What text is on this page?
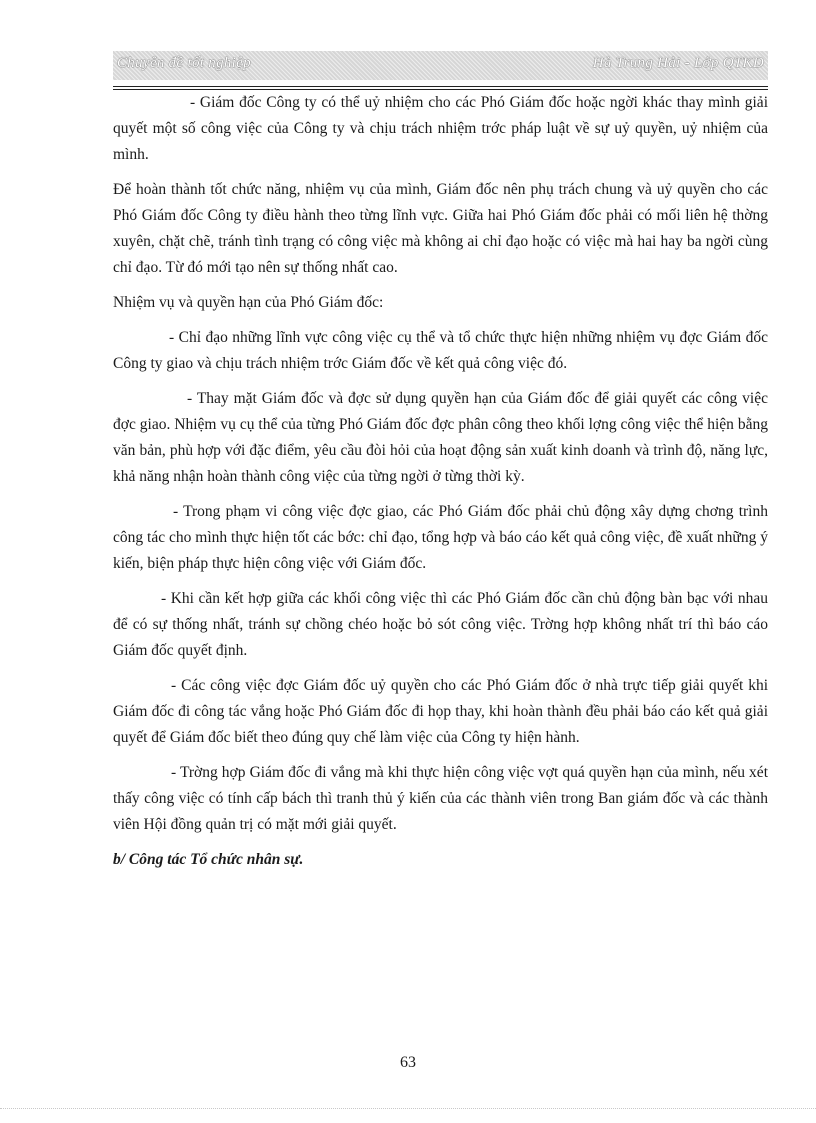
Chuyên đề tốt nghiệp	Hà Trung Hải - Lớp QTKD

- Giám đốc Công ty có thể uỷ nhiệm cho các Phó Giám đốc hoặc ngời khác thay mình giải quyết một số công việc của Công ty và chịu trách nhiệm trớc pháp luật về sự uỷ quyền, uỷ nhiệm của mình.

Để hoàn thành tốt chức năng, nhiệm vụ của mình, Giám đốc nên phụ trách chung và uỷ quyền cho các Phó Giám đốc Công ty điều hành theo từng lĩnh vực. Giữa hai Phó Giám đốc phải có mối liên hệ thờng xuyên, chặt chẽ, tránh tình trạng có công việc mà không ai chỉ đạo hoặc có việc mà hai hay ba ngời cùng chỉ đạo. Từ đó mới tạo nên sự thống nhất cao.

Nhiệm vụ và quyền hạn của Phó Giám đốc:

- Chỉ đạo những lĩnh vực công việc cụ thể và tổ chức thực hiện những nhiệm vụ đợc Giám đốc Công ty giao và chịu trách nhiệm trớc Giám đốc về kết quả công việc đó.

- Thay mặt Giám đốc và đợc sử dụng quyền hạn của Giám đốc để giải quyết các công việc đợc giao. Nhiệm vụ cụ thể của từng Phó Giám đốc đợc phân công theo khối lợng công việc thể hiện bằng văn bản, phù hợp với đặc điểm, yêu cầu đòi hỏi của hoạt động sản xuất kinh doanh và trình độ, năng lực, khả năng nhận hoàn thành công việc của từng ngời ở từng thời kỳ.

- Trong phạm vi công việc đợc giao, các Phó Giám đốc phải chủ động xây dựng chơng trình công tác cho mình thực hiện tốt các bớc: chỉ đạo, tổng hợp và báo cáo kết quả công việc, đề xuất những ý kiến, biện pháp thực hiện công việc với Giám đốc.

- Khi cần kết hợp giữa các khối công việc thì các Phó Giám đốc cần chủ động bàn bạc với nhau để có sự thống nhất, tránh sự chồng chéo hoặc bỏ sót công việc. Trờng hợp không nhất trí thì báo cáo Giám đốc quyết định.

- Các công việc đợc Giám đốc uỷ quyền cho các Phó Giám đốc ở nhà trực tiếp giải quyết khi Giám đốc đi công tác vắng hoặc Phó Giám đốc đi họp thay, khi hoàn thành đều phải báo cáo kết quả giải quyết để Giám đốc biết theo đúng quy chế làm việc của Công ty hiện hành.

- Trờng hợp Giám đốc đi vắng mà khi thực hiện công việc vợt quá quyền hạn của mình, nếu xét thấy công việc có tính cấp bách thì tranh thủ ý kiến của các thành viên trong Ban giám đốc và các thành viên Hội đồng quản trị có mặt mới giải quyết.

b/ Công tác Tổ chức nhân sự.

63
